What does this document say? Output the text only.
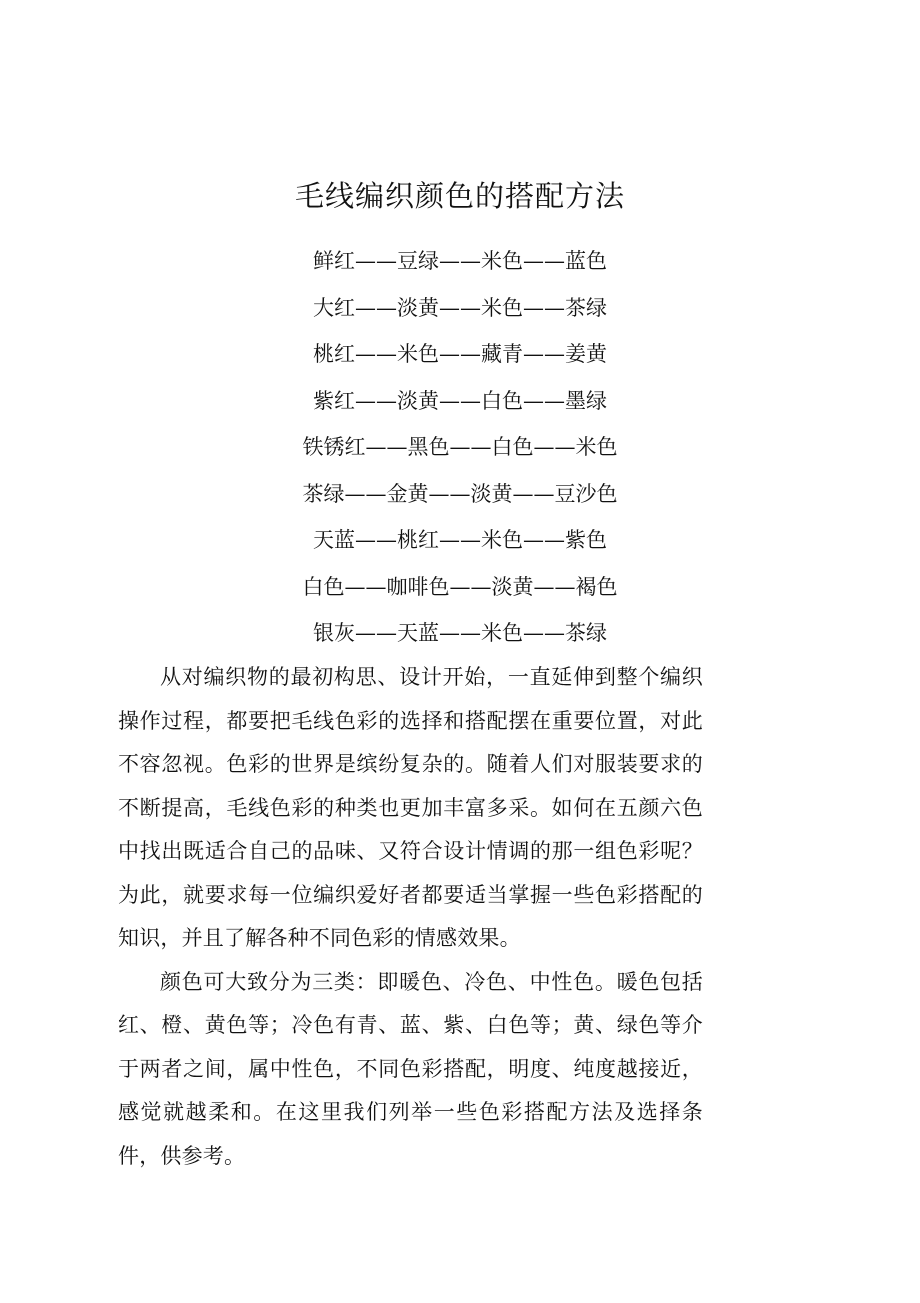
毛线编织颜色的搭配方法
鲜红——豆绿——米色——蓝色
大红——淡黄——米色——茶绿
桃红——米色——藏青——姜黄
紫红——淡黄——白色——墨绿
铁锈红——黑色——白色——米色
茶绿——金黄——淡黄——豆沙色
天蓝——桃红——米色——紫色
白色——咖啡色——淡黄——褐色
银灰——天蓝——米色——茶绿

从对编织物的最初构思、设计开始，一直延伸到整个编织操作过程，都要把毛线色彩的选择和搭配摆在重要位置，对此不容忽视。色彩的世界是缤纷复杂的。随着人们对服装要求的不断提高，毛线色彩的种类也更加丰富多采。如何在五颜六色中找出既适合自己的品味、又符合设计情调的那一组色彩呢？为此，就要求每一位编织爱好者都要适当掌握一些色彩搭配的知识，并且了解各种不同色彩的情感效果。

颜色可大致分为三类：即暖色、冷色、中性色。暖色包括红、橙、黄色等；冷色有青、蓝、紫、白色等；黄、绿色等介于两者之间，属中性色，不同色彩搭配，明度、纯度越接近，感觉就越柔和。在这里我们列举一些色彩搭配方法及选择条件，供参考。
